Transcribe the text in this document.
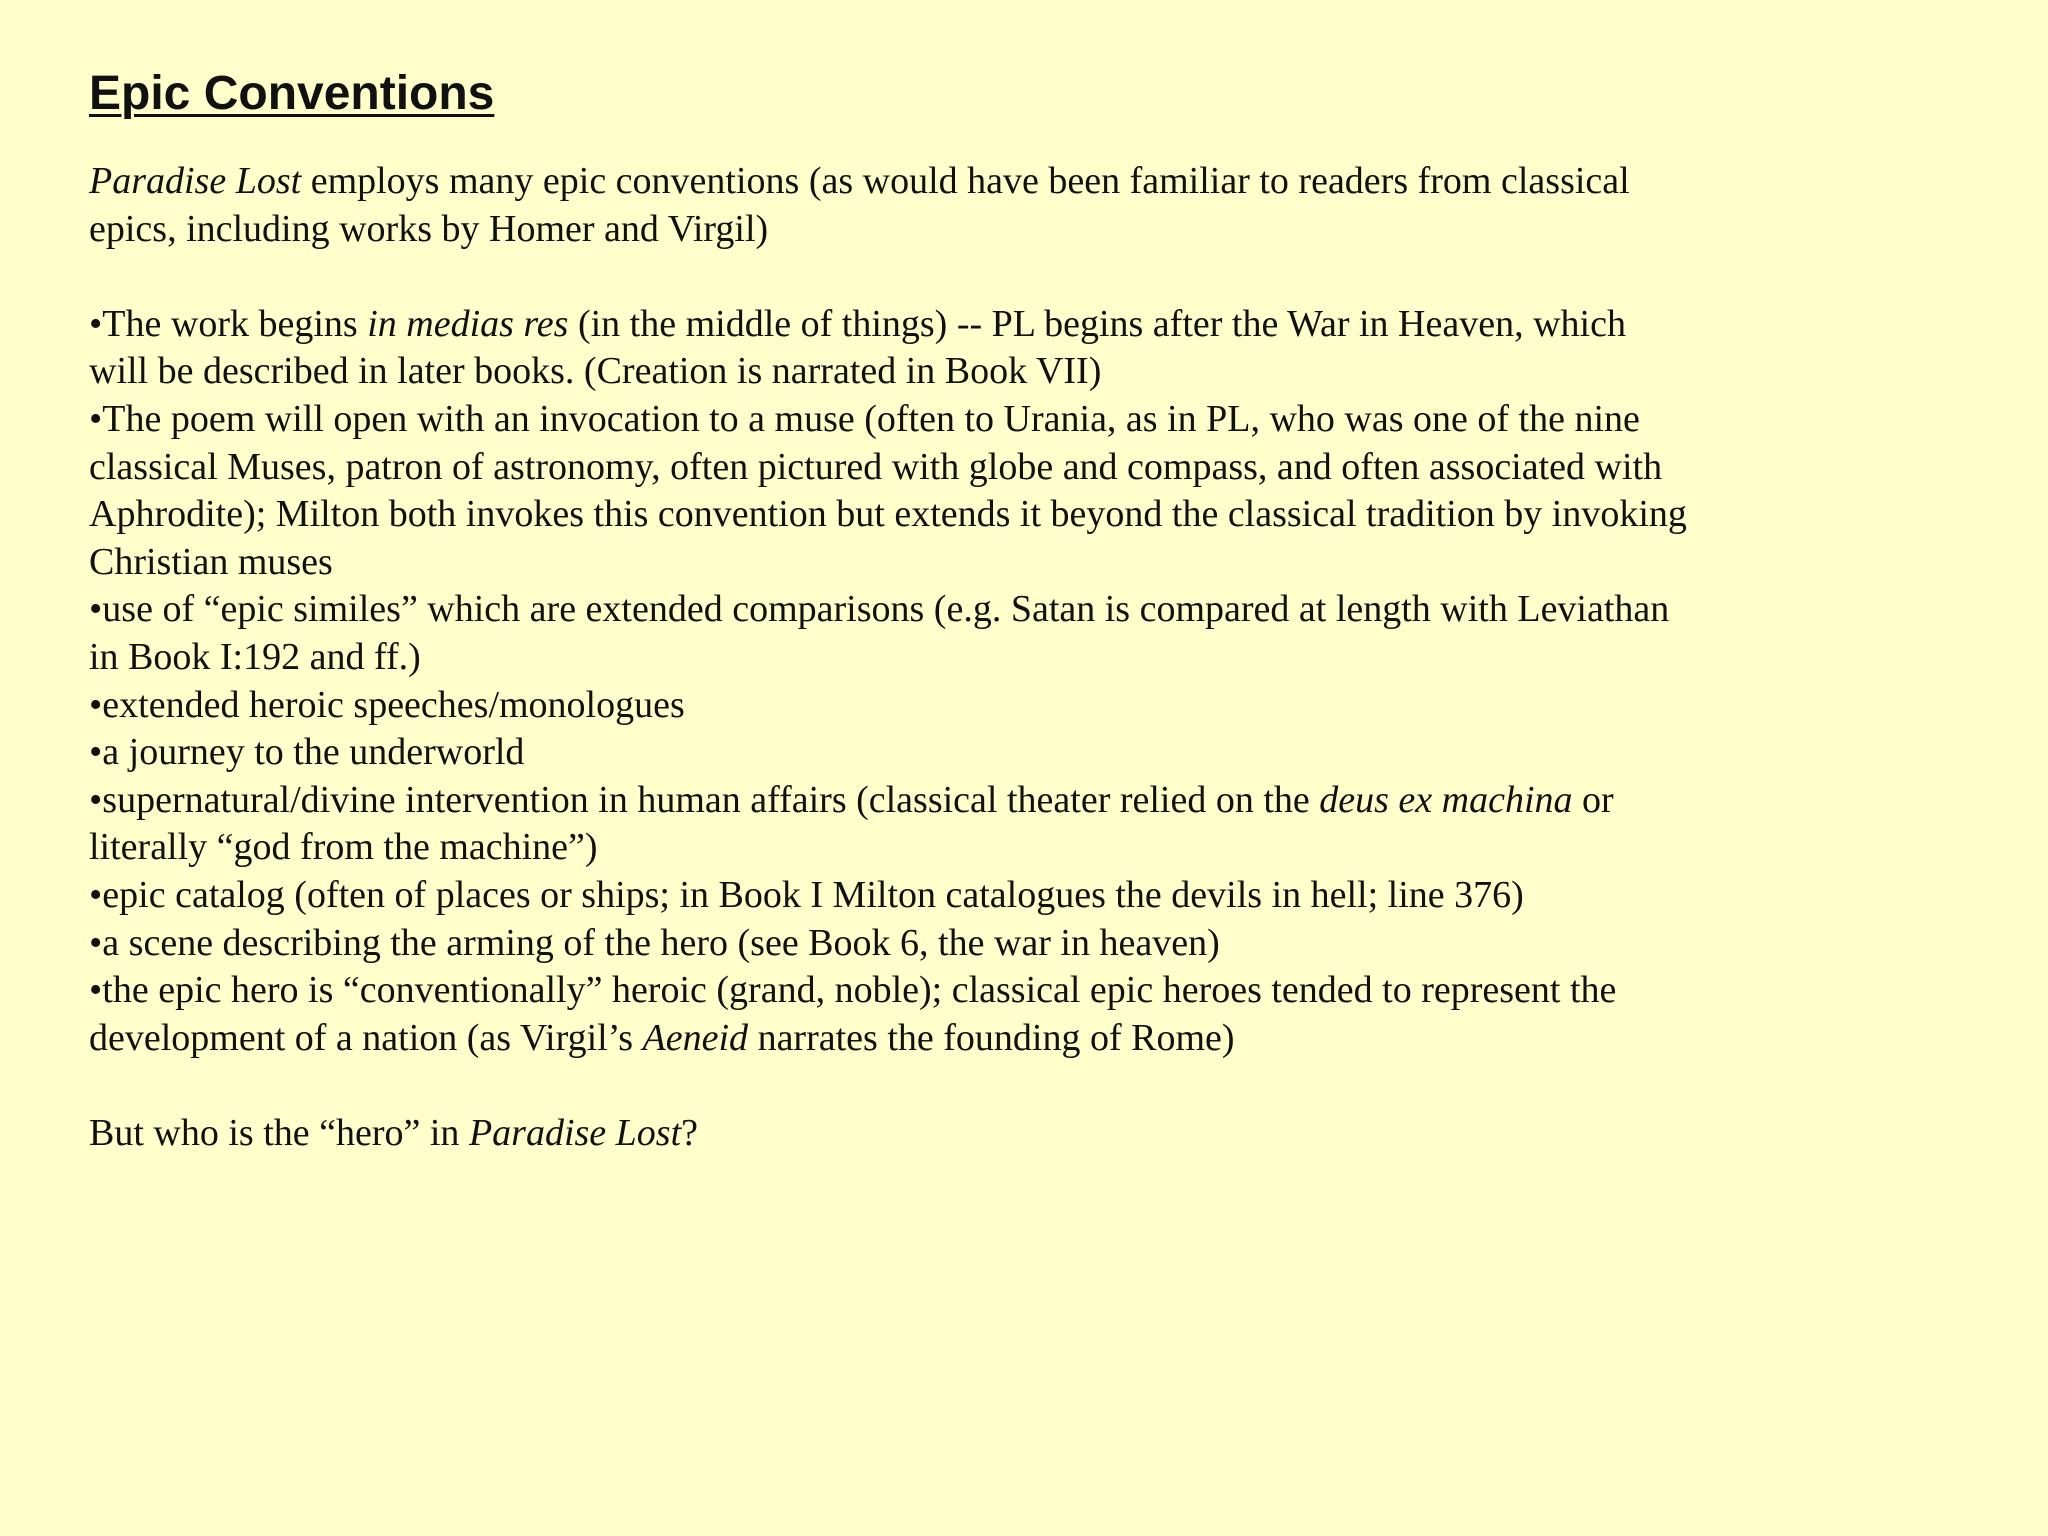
Epic Conventions

Paradise Lost employs many epic conventions (as would have been familiar to readers from classical epics, including works by Homer and Virgil)

•The work begins in medias res (in the middle of things) -- PL begins after the War in Heaven, which will be described in later books. (Creation is narrated in Book VII)

•The poem will open with an invocation to a muse (often to Urania, as in PL, who was one of the nine classical Muses, patron of astronomy, often pictured with globe and compass, and often associated with Aphrodite); Milton both invokes this convention but extends it beyond the classical tradition by invoking Christian muses

•use of “epic similes” which are extended comparisons (e.g. Satan is compared at length with Leviathan in Book I:192 and ff.)

•extended heroic speeches/monologues

•a journey to the underworld

•supernatural/divine intervention in human affairs (classical theater relied on the deus ex machina or literally “god from the machine”)

•epic catalog (often of places or ships; in Book I Milton catalogues the devils in hell; line 376)

•a scene describing the arming of the hero (see Book 6, the war in heaven)

•the epic hero is “conventionally” heroic (grand, noble); classical epic heroes tended to represent the development of a nation (as Virgil’s Aeneid narrates the founding of Rome)

But who is the “hero” in Paradise Lost?
